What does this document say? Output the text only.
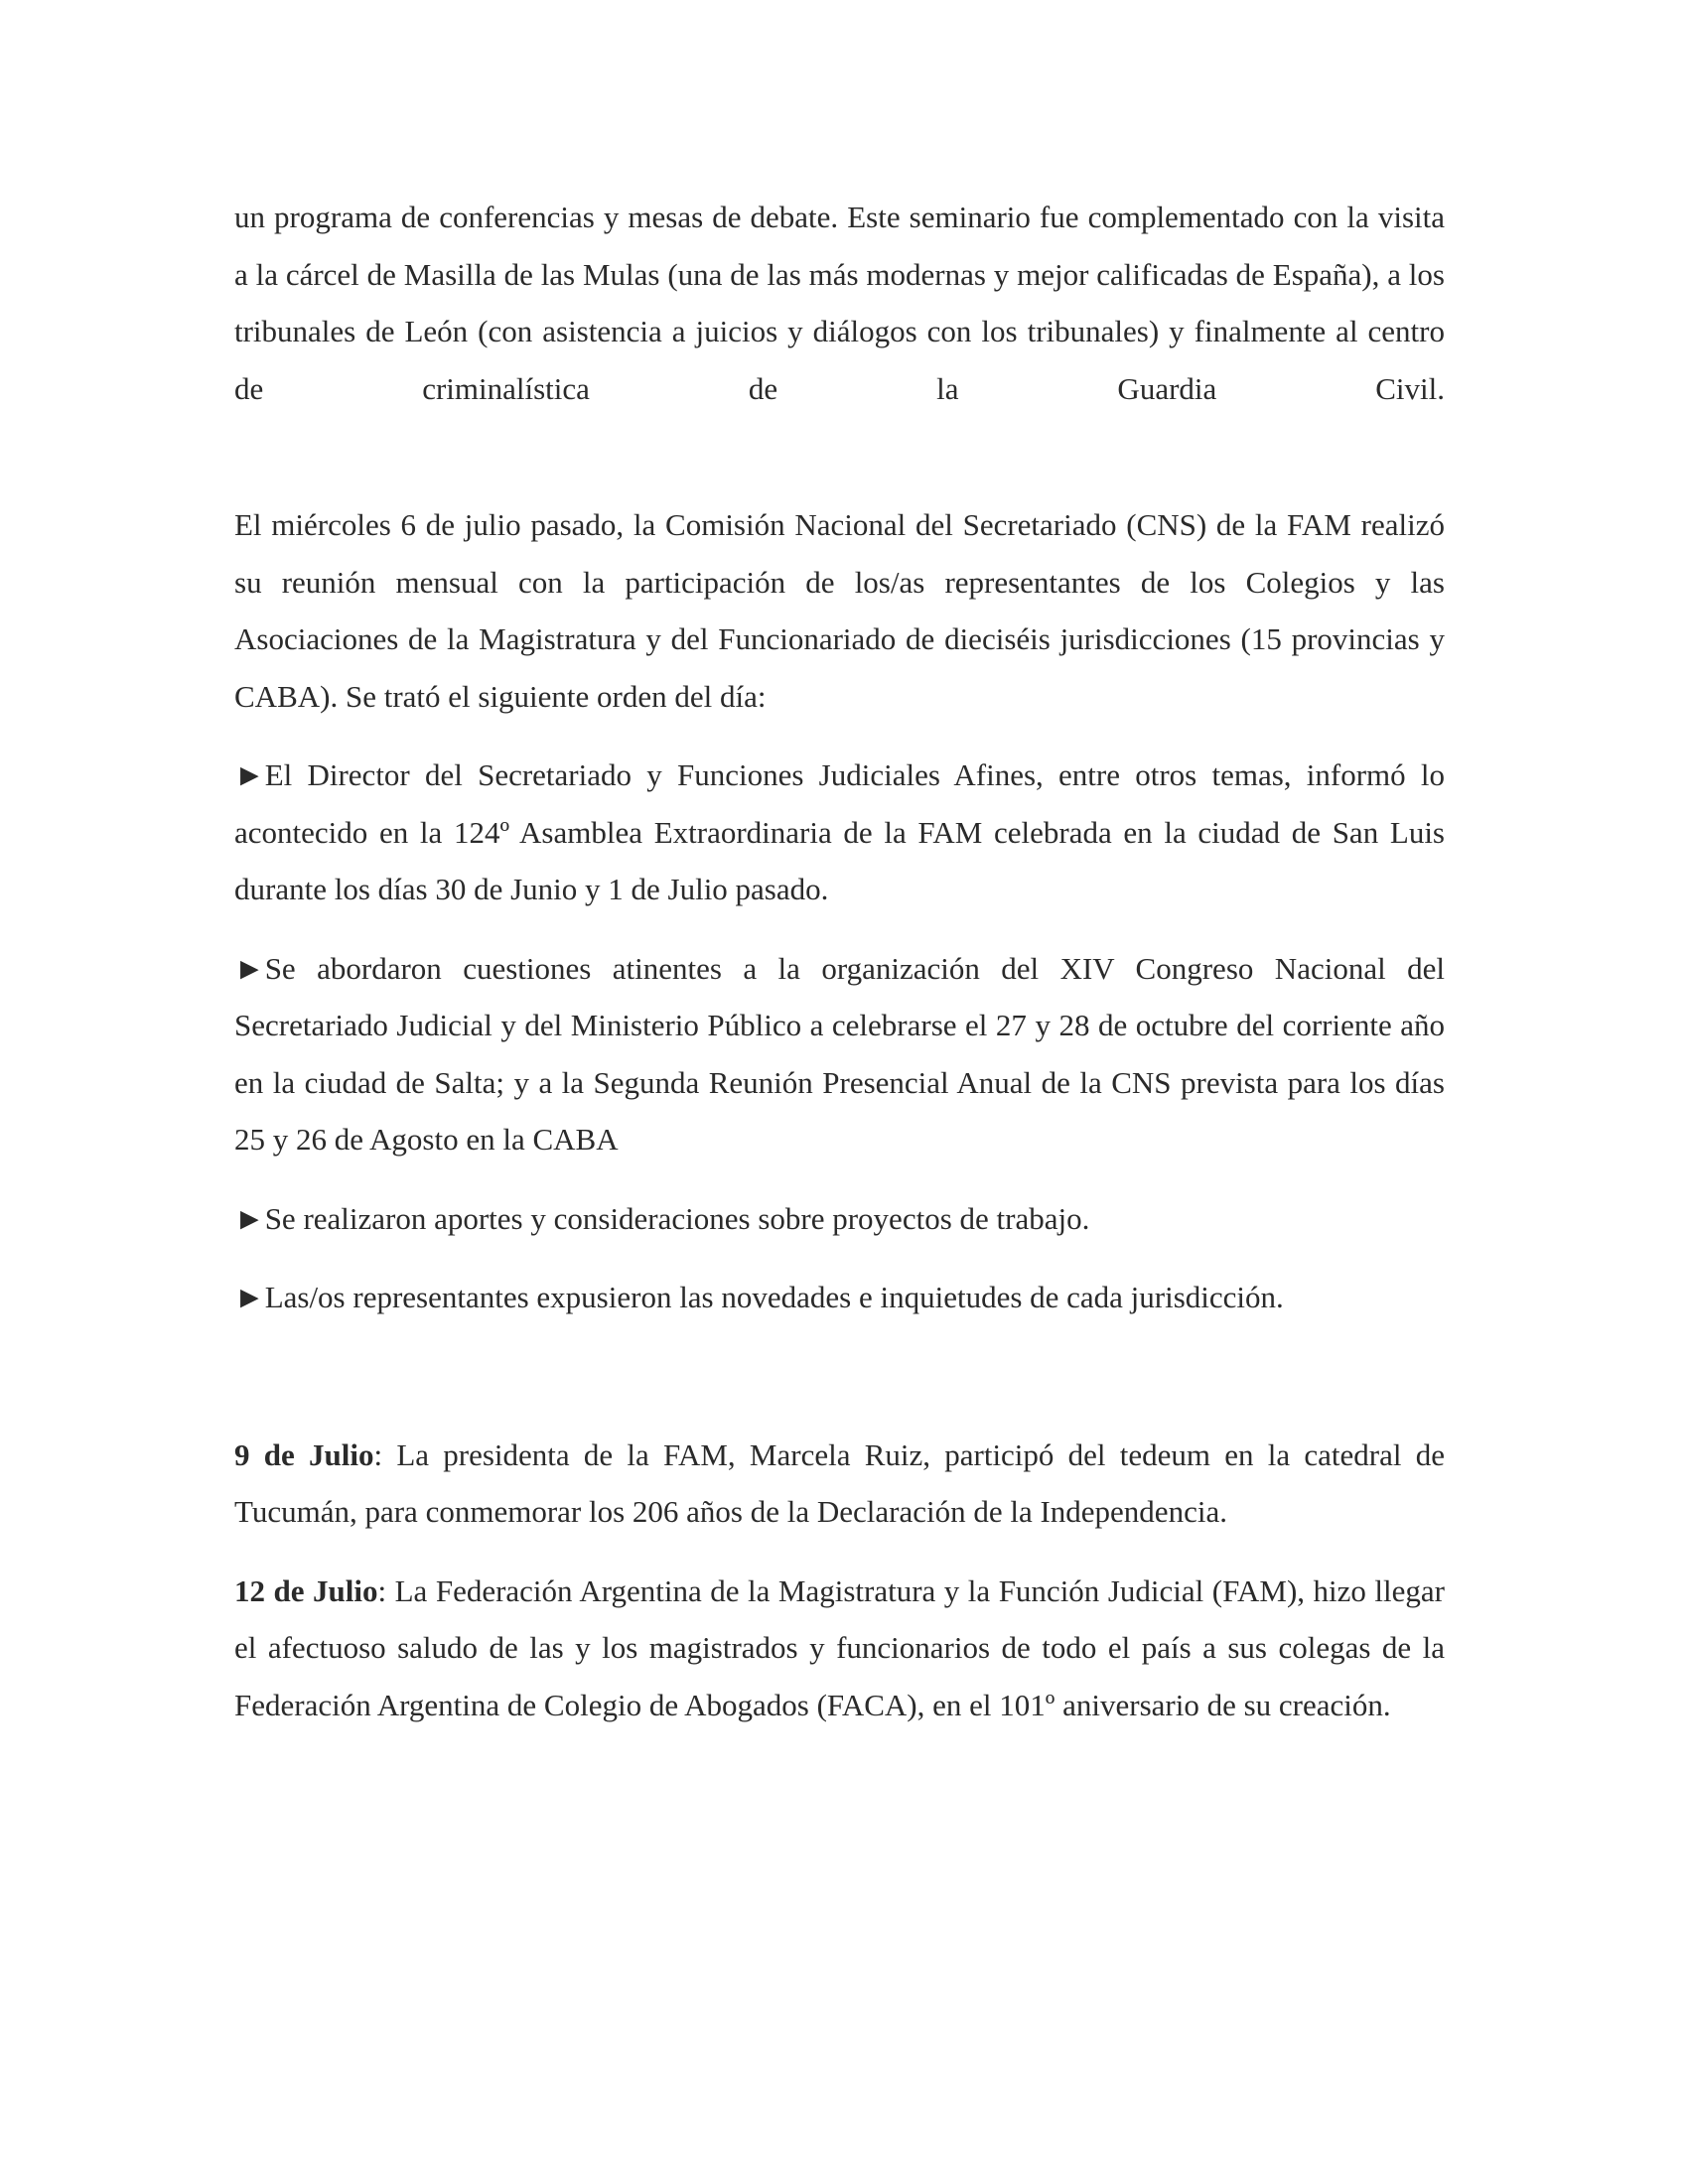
un programa de conferencias y mesas de debate. Este seminario fue complementado con la visita a la cárcel de Masilla de las Mulas (una de las más modernas y mejor calificadas de España), a los tribunales de León (con asistencia a juicios y diálogos con los tribunales) y finalmente al centro de criminalística de la Guardia Civil.

El miércoles 6 de julio pasado, la Comisión Nacional del Secretariado (CNS) de la FAM realizó su reunión mensual con la participación de los/as representantes de los Colegios y las Asociaciones de la Magistratura y del Funcionariado de dieciséis jurisdicciones (15 provincias y CABA). Se trató el siguiente orden del día:

►El Director del Secretariado y Funciones Judiciales Afines, entre otros temas, informó lo acontecido en la 124º Asamblea Extraordinaria de la FAM celebrada en la ciudad de San Luis durante los días 30 de Junio y 1 de Julio pasado.

►Se abordaron cuestiones atinentes a la organización del XIV Congreso Nacional del Secretariado Judicial y del Ministerio Público a celebrarse el 27 y 28 de octubre del corriente año en la ciudad de Salta; y a la Segunda Reunión Presencial Anual de la CNS prevista para los días 25 y 26 de Agosto en la CABA

►Se realizaron aportes y consideraciones sobre proyectos de trabajo.

►Las/os representantes expusieron las novedades e inquietudes de cada jurisdicción.

9 de Julio: La presidenta de la FAM, Marcela Ruiz, participó del tedeum en la catedral de Tucumán, para conmemorar los 206 años de la Declaración de la Independencia.

12 de Julio: La Federación Argentina de la Magistratura y la Función Judicial (FAM), hizo llegar el afectuoso saludo de las y los magistrados y funcionarios de todo el país a sus colegas de la Federación Argentina de Colegio de Abogados (FACA), en el 101º aniversario de su creación.
